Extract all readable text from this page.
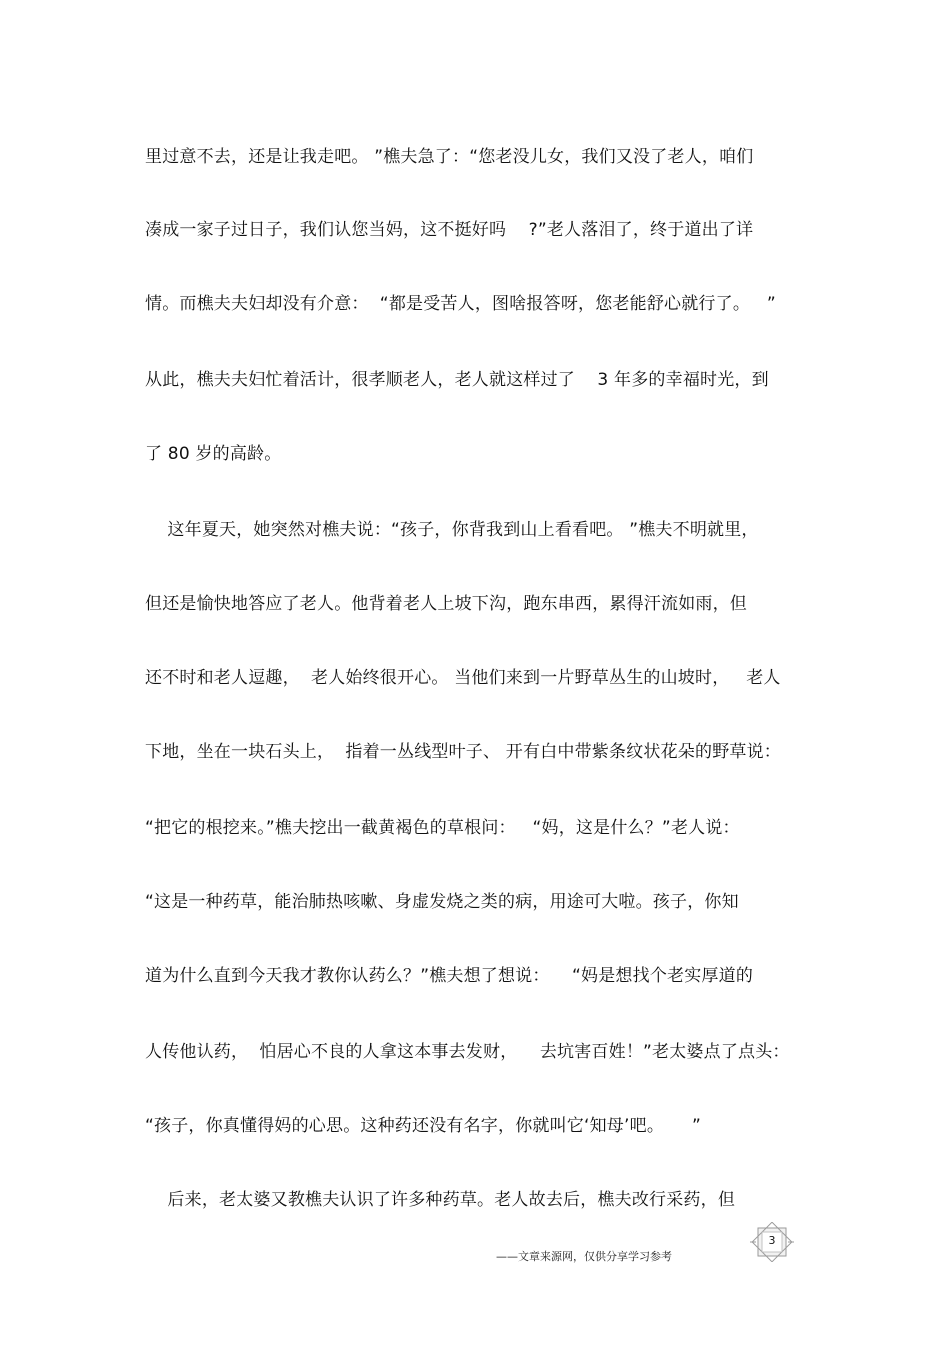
里过意不去，还是让我走吧。 ”樵夫急了：“您老没儿女，我们又没了老人，咱们
凑成一家子过日子，我们认您当妈，这不挺好吗    ?”老人落泪了，终于道出了详
情。而樵夫夫妇却没有介意：  “都是受苦人，图啥报答呀，您老能舒心就行了。   ”
从此，樵夫夫妇忙着活计，很孝顺老人，老人就这样过了    3 年多的幸福时光，到
了 80 岁的高龄。
这年夏天，她突然对樵夫说：“孩子，你背我到山上看看吧。 ”樵夫不明就里，
但还是愉快地答应了老人。他背着老人上坡下沟，跑东串西，累得汗流如雨，但
还不时和老人逗趣，  老人始终很开心。 当他们来到一片野草丛生的山坡时，   老人
下地，坐在一块石头上，  指着一丛线型叶子、 开有白中带紫条纹状花朵的野草说：
“把它的根挖来。”樵夫挖出一截黄褐色的草根问：   “妈，这是什么？”老人说：
“这是一种药草，能治肺热咳嗽、身虚发烧之类的病，用途可大啦。孩子，你知
道为什么直到今天我才教你认药么？”樵夫想了想说：    “妈是想找个老实厚道的
人传他认药，  怕居心不良的人拿这本事去发财，    去坑害百姓！”老太婆点了点头：
“孩子，你真懂得妈的心思。这种药还没有名字，你就叫它‘知母’吧。     ”
后来，老太婆又教樵夫认识了许多种药草。老人故去后，樵夫改行采药，但
——文章来源网，仅供分享学习参考
3
